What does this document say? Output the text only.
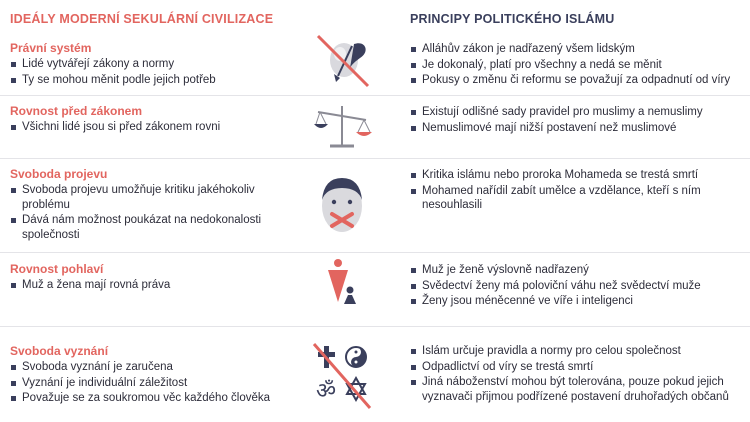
IDEÁLY MODERNÍ SEKULÁRNÍ CIVILIZACE	PRINCIPY POLITICKÉHO ISLÁMU
Právní systém
Lidé vytvářejí zákony a normy
Ty se mohou měnit podle jejich potřeb
Alláhův zákon je nadřazený všem lidským
Je dokonalý, platí pro všechny a nedá se měnit
Pokusy o změnu či reformu se považují za odpadnutí od víry
Rovnost před zákonem
Všichni lidé jsou si před zákonem rovni
Existují odlišné sady pravidel pro muslimy a nemuslimy
Nemuslimové mají nižší postavení než muslimové
Svoboda projevu
Svoboda projevu umožňuje kritiku jakéhokoliv problému
Dává nám možnost poukázat na nedokonalosti společnosti
Kritika islámu nebo proroka Mohameda se trestá smrtí
Mohamed nařídil zabít umělce a vzdělance, kteří s ním nesouhlasili
Rovnost pohlaví
Muž a žena mají rovná práva
Muž je ženě výslovně nadřazený
Svědectví ženy má poloviční váhu než svědectví muže
Ženy jsou méněcenné ve víře i inteligenci
Svoboda vyznání
Svoboda vyznání je zaručena
Vyznání je individuální záležitost
Považuje se za soukromou věc každého člověka
Islám určuje pravidla a normy pro celou společnost
Odpadlictví od víry se trestá smrtí
Jiná náboženství mohou být tolerována, pouze pokud jejich vyznavači přijmou podřízené postavení druhořadých občanů
ॐ
